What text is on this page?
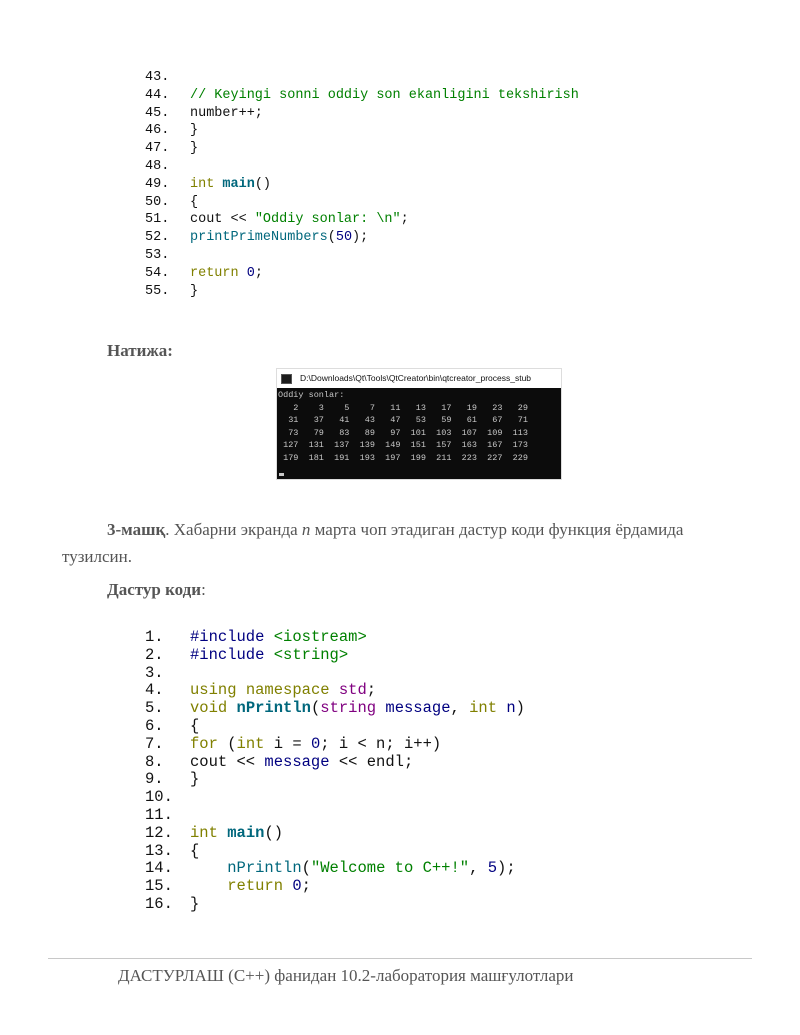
43.
44. // Keyingi sonni oddiy son ekanligini tekshirish
45. number++;
46. }
47. }
48.
49. int main()
50. {
51. cout << "Oddiy sonlar: \n";
52. printPrimeNumbers(50);
53.
54. return 0;
55. }
Натижа:
D:\Downloads\Qt\Tools\QtCreator\bin\qtcreator_process_stub
Oddiy sonlar:
2    3    5    7   11   13   17   19   23   29
31   37   41   43   47   53   59   61   67   71
73   79   83   89   97  101  103  107  109  113
127  131  137  139  149  151  157  163  167  173
179  181  191  193  197  199  211  223  227  229
3-машқ. Хабарни экранда n марта чоп этадиган дастур коди функция ёрдамида тузилсин.
Дастур коди:
1. #include <iostream>
2. #include <string>
3.
4. using namespace std;
5. void nPrintln(string message, int n)
6. {
7. for (int i = 0; i < n; i++)
8. cout << message << endl;
9. }
10.
11.
12. int main()
13. {
14.	nPrintln("Welcome to C++!", 5);
15.	return 0;
16. }
ДАСТУРЛАШ (C++) фанидан 10.2-лаборатория машғулотлари
